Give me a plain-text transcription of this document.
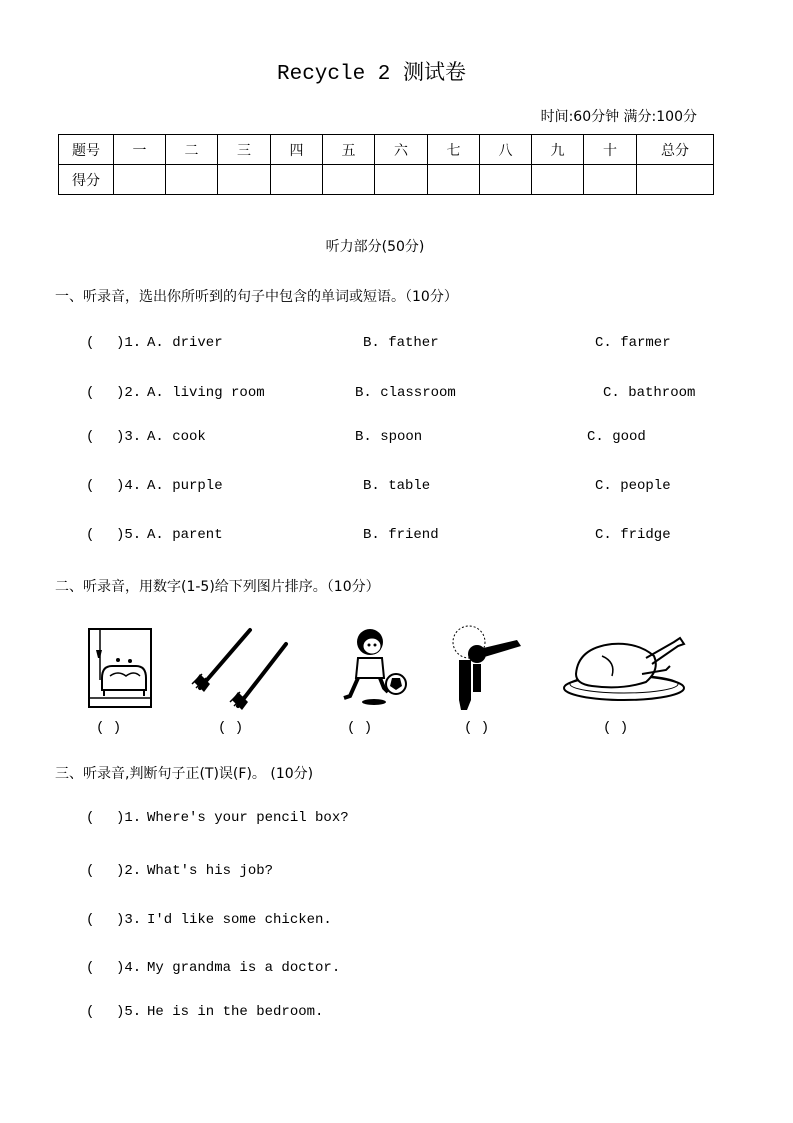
Recycle 2 测试卷
时间:60分钟 满分:100分
题号	一	二	三	四	五	六	七	八	九	十	总分
得分											
听力部分(50分)
一、听录音，选出你所听到的句子中包含的单词或短语。（10分）
( )1. A. driver	B. father	C. farmer
( )2. A. living room	B. classroom	C. bathroom
( )3. A. cook	B. spoon	C. good
( )4. A. purple	B. table	C. people
( )5. A. parent	B. friend	C. fridge
二、听录音，用数字(1-5)给下列图片排序。（10分）
( )	( )	( )	( )	( )
三、听录音,判断句子正(T)误(F)。 (10分)
( )1. Where's your pencil box?
( )2. What's his job?
( )3. I'd like some chicken.
( )4. My grandma is a doctor.
( )5. He is in the bedroom.
